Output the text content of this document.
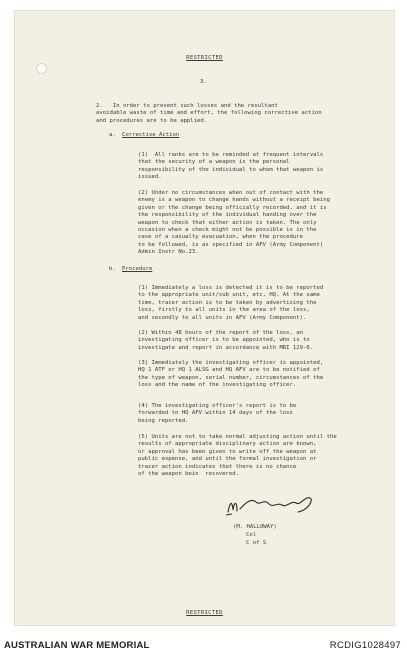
RESTRICTED
3.
2.   In order to prevent such losses and the resultant
avoidable waste of time and effort, the following corrective action
and procedures are to be applied.
a. Corrective Action
(1)  All ranks are to be reminded at frequent intervals
that the security of a weapon is the personal
responsibility of the individual to whom that weapon is
issued.
(2) Under no circumstances when out of contact with the
enemy is a weapon to change hands without a receipt being
given or the change being officially recorded, and it is
the responsibility of the individual handing over the
weapon to check that either action is taken. The only
occasion when a check might not be possible is in the
case of a casualty evacuation, when the procedure
to be followed, is as specified in AFV (Army Component)
Admin Instr No.23.
b. Procedure
(1) Immediately a loss is detected it is to be reported
to the appropriate unit/sub unit, etc, HQ. At the same
time, tracer action is to be taken by advertising the
loss, firstly to all units in the area of the loss,
and secondly to all units in AFV (Army Component).
(2) Within 48 hours of the report of the loss, an
investigating officer is to be appointed, who is to
investigate and report in accordance with MRI 129-6.
(3) Immediately the investigating officer is appointed,
HQ 1 ATF or HQ 1 ALSG and HQ AFV are to be notified of
the type of weapon, serial number, circumstances of the
loss and the name of the investigating officer.
(4) The investigating officer's report is to be
forwarded to HQ AFV within 14 days of the loss
being reported.
(5) Units are not to take normal adjusting action until the
results of appropriate disciplinary action are known,
or approval has been given to write off the weapon at
public expense, and until the formal investigation or
tracer action indicates that there is no chance
of the weapon bein  recovered.
(M. HALLOWAY)
Col
C of S
RESTRICTED
AUSTRALIAN WAR MEMORIAL	RCDIG1028497
